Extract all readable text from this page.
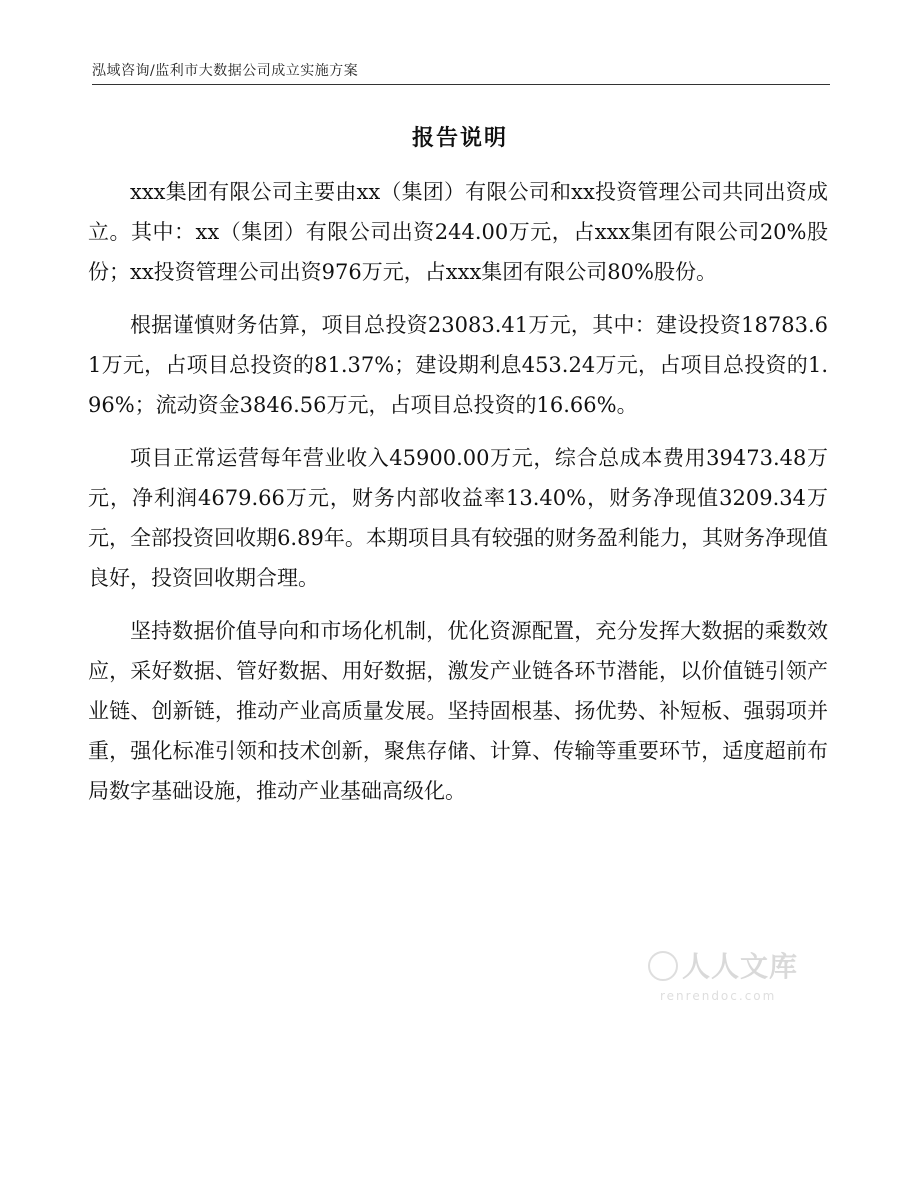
泓域咨询/监利市大数据公司成立实施方案
报告说明

xxx集团有限公司主要由xx（集团）有限公司和xx投资管理公司共同出资成立。其中：xx（集团）有限公司出资244.00万元，占xxx集团有限公司20%股份；xx投资管理公司出资976万元，占xxx集团有限公司80%股份。

根据谨慎财务估算，项目总投资23083.41万元，其中：建设投资18783.61万元，占项目总投资的81.37%；建设期利息453.24万元，占项目总投资的1.96%；流动资金3846.56万元，占项目总投资的16.66%。

项目正常运营每年营业收入45900.00万元，综合总成本费用39473.48万元，净利润4679.66万元，财务内部收益率13.40%，财务净现值3209.34万元，全部投资回收期6.89年。本期项目具有较强的财务盈利能力，其财务净现值良好，投资回收期合理。

坚持数据价值导向和市场化机制，优化资源配置，充分发挥大数据的乘数效应，采好数据、管好数据、用好数据，激发产业链各环节潜能，以价值链引领产业链、创新链，推动产业高质量发展。坚持固根基、扬优势、补短板、强弱项并重，强化标准引领和技术创新，聚焦存储、计算、传输等重要环节，适度超前布局数字基础设施，推动产业基础高级化。

人人文库
renrendoc.com
